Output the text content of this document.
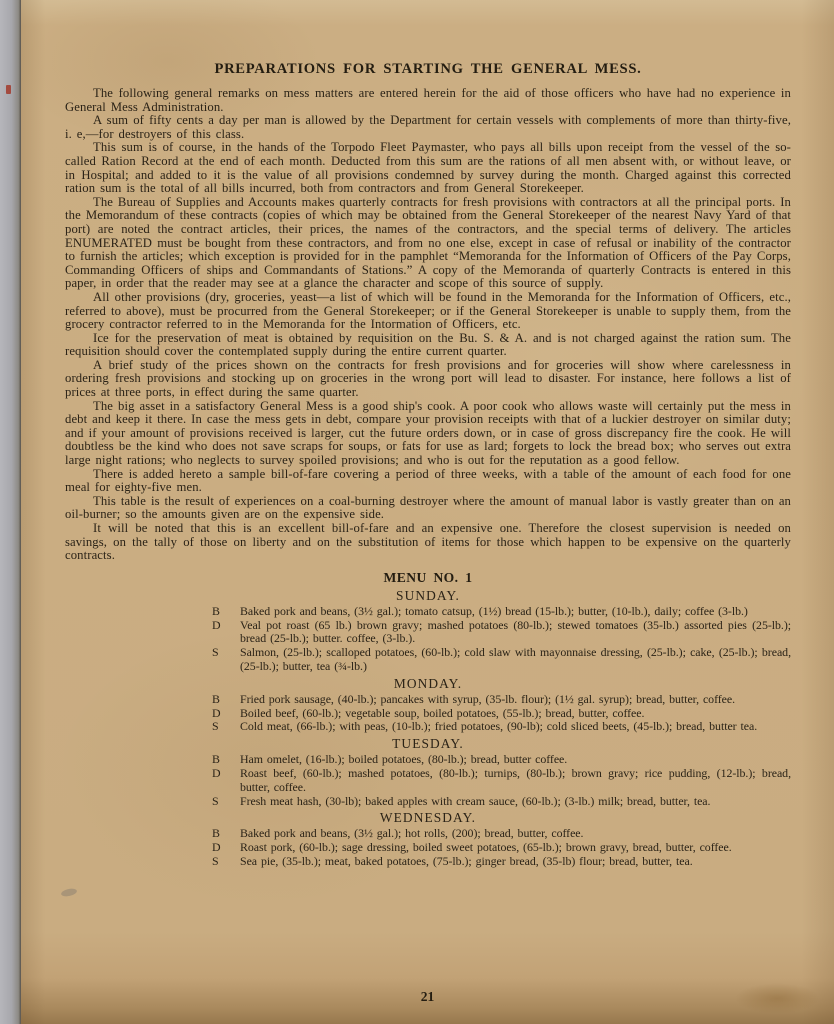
PREPARATIONS FOR STARTING THE GENERAL MESS.

The following general remarks on mess matters are entered herein for the aid of those officers who have had no experience in General Mess Administration.

A sum of fifty cents a day per man is allowed by the Department for certain vessels with complements of more than thirty-five, i. e,—for destroyers of this class.

This sum is of course, in the hands of the Torpodo Fleet Paymaster, who pays all bills upon receipt from the vessel of the so-called Ration Record at the end of each month. Deducted from this sum are the rations of all men absent with, or without leave, or in Hospital; and added to it is the value of all provisions condemned by survey during the month. Charged against this corrected ration sum is the total of all bills incurred, both from contractors and from General Storekeeper.

The Bureau of Supplies and Accounts makes quarterly contracts for fresh provisions with contractors at all the principal ports. In the Memorandum of these contracts (copies of which may be obtained from the General Storekeeper of the nearest Navy Yard of that port) are noted the contract articles, their prices, the names of the contractors, and the special terms of delivery. The articles ENUMERATED must be bought from these contractors, and from no one else, except in case of refusal or inability of the contractor to furnish the articles; which exception is provided for in the pamphlet “Memoranda for the Information of Officers of the Pay Corps, Commanding Officers of ships and Commandants of Stations.” A copy of the Memoranda of quarterly Contracts is entered in this paper, in order that the reader may see at a glance the character and scope of this source of supply.

All other provisions (dry, groceries, yeast—a list of which will be found in the Memoranda for the Information of Officers, etc., referred to above), must be procurred from the General Storekeeper; or if the General Storekeeper is unable to supply them, from the grocery contractor referred to in the Memoranda for the Intormation of Officers, etc.

Ice for the preservation of meat is obtained by requisition on the Bu. S. & A. and is not charged against the ration sum. The requisition should cover the contemplated supply during the entire current quarter.

A brief study of the prices shown on the contracts for fresh provisions and for groceries will show where carelessness in ordering fresh provisions and stocking up on groceries in the wrong port will lead to disaster. For instance, here follows a list of prices at three ports, in effect during the same quarter.

The big asset in a satisfactory General Mess is a good ship's cook. A poor cook who allows waste will certainly put the mess in debt and keep it there. In case the mess gets in debt, compare your provision receipts with that of a luckier destroyer on similar duty; and if your amount of provisions received is larger, cut the future orders down, or in case of gross discrepancy fire the cook. He will doubtless be the kind who does not save scraps for soups, or fats for use as lard; forgets to lock the bread box; who serves out extra large night rations; who neglects to survey spoiled provisions; and who is out for the reputation as a good fellow.

There is added hereto a sample bill-of-fare covering a period of three weeks, with a table of the amount of each food for one meal for eighty-five men.

This table is the result of experiences on a coal-burning destroyer where the amount of manual labor is vastly greater than on an oil-burner; so the amounts given are on the expensive side.

It will be noted that this is an excellent bill-of-fare and an expensive one. Therefore the closest supervision is needed on savings, on the tally of those on liberty and on the substitution of items for those which happen to be expensive on the quarterly contracts.

MENU NO. 1
SUNDAY.
B	Baked pork and beans, (3½ gal.); tomato catsup, (1½) bread (15-lb.); butter, (10-lb.), daily; coffee (3-lb.)
D	Veal pot roast (65 lb.) brown gravy; mashed potatoes (80-lb.); stewed tomatoes (35-lb.) assorted pies (25-lb.); bread (25-lb.); butter. coffee, (3-lb.).
S	Salmon, (25-lb.); scalloped potatoes, (60-lb.); cold slaw with mayonnaise dressing, (25-lb.); cake, (25-lb.); bread, (25-lb.); butter, tea (¾-lb.)
MONDAY.
B	Fried pork sausage, (40-lb.); pancakes with syrup, (35-lb. flour); (1½ gal. syrup); bread, butter, coffee.
D	Boiled beef, (60-lb.); vegetable soup, boiled potatoes, (55-lb.); bread, butter, coffee.
S	Cold meat, (66-lb.); with peas, (10-lb.); fried potatoes, (90-lb); cold sliced beets, (45-lb.); bread, butter tea.
TUESDAY.
B	Ham omelet, (16-lb.); boiled potatoes, (80-lb.); bread, butter coffee.
D	Roast beef, (60-lb.); mashed potatoes, (80-lb.); turnips, (80-lb.); brown gravy; rice pudding, (12-lb.); bread, butter, coffee.
S	Fresh meat hash, (30-lb); baked apples with cream sauce, (60-lb.); (3-lb.) milk; bread, butter, tea.
WEDNESDAY.
B	Baked pork and beans, (3½ gal.); hot rolls, (200); bread, butter, coffee.
D	Roast pork, (60-lb.); sage dressing, boiled sweet potatoes, (65-lb.); brown gravy, bread, butter, coffee.
S	Sea pie, (35-lb.); meat, baked potatoes, (75-lb.); ginger bread, (35-lb) flour; bread, butter, tea.
21
